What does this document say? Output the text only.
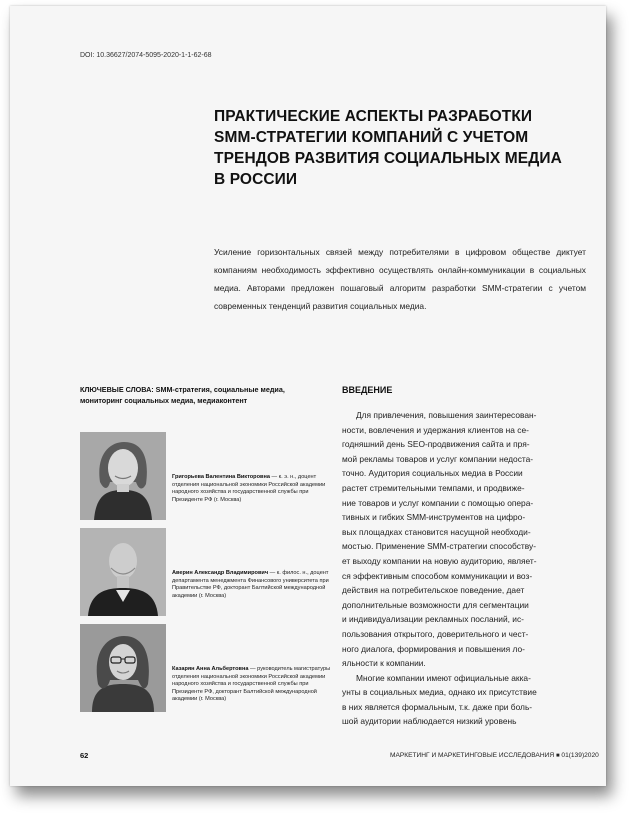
DOI: 10.36627/2074-5095-2020-1-1-62-68
ПРАКТИЧЕСКИЕ АСПЕКТЫ РАЗРАБОТКИ
SMM-СТРАТЕГИИ КОМПАНИЙ С УЧЕТОМ
ТРЕНДОВ РАЗВИТИЯ СОЦИАЛЬНЫХ МЕДИА
В РОССИИ
Усиление горизонтальных связей между потребителями в цифровом обществе диктует компаниям необходимость эффективно осуществлять онлайн-коммуникации в социальных медиа. Авторами предложен пошаговый алгоритм разработки SMM-стратегии с учетом современных тенденций развития социальных медиа.
КЛЮЧЕВЫЕ СЛОВА: SMM-стратегия, социальные медиа, мониторинг социальных медиа, медиаконтент
Григорьева Валентина Викторовна — к. э. н., доцент отделения национальной экономики Российской академии народного хозяйства и государственной службы при Президенте РФ (г. Москва)
Аверин Александр Владимирович — к. филос. н., доцент департамента менеджмента Финансового университета при Правительстве РФ, докторант Балтийской международной академии (г. Москва)
Казарян Анна Альбертовна — руководитель магистратуры отделения национальной экономики Российской академии народного хозяйства и государственной службы при Президенте РФ, докторант Балтийской международной академии (г. Москва)
ВВЕДЕНИЕ
Для привлечения, повышения заинтересован-
ности, вовлечения и удержания клиентов на се-
годняшний день SEO-продвижения сайта и пря-
мой рекламы товаров и услуг компании недоста-
точно. Аудитория социальных медиа в России
растет стремительными темпами, и продвиже-
ние товаров и услуг компании с помощью опера-
тивных и гибких SMM-инструментов на цифро-
вых площадках становится насущной необходи-
мостью. Применение SMM-стратегии способству-
ет выходу компании на новую аудиторию, являет-
ся эффективным способом коммуникации и воз-
действия на потребительское поведение, дает
дополнительные возможности для сегментации
и индивидуализации рекламных посланий, ис-
пользования открытого, доверительного и чест-
ного диалога, формирования и повышения ло-
яльности к компании.
Многие компании имеют официальные акка-
унты в социальных медиа, однако их присутствие
в них является формальным, т.к. даже при боль-
шой аудитории наблюдается низкий уровень
62	МАРКЕТИНГ И МАРКЕТИНГОВЫЕ ИССЛЕДОВАНИЯ ■ 01(139)2020
